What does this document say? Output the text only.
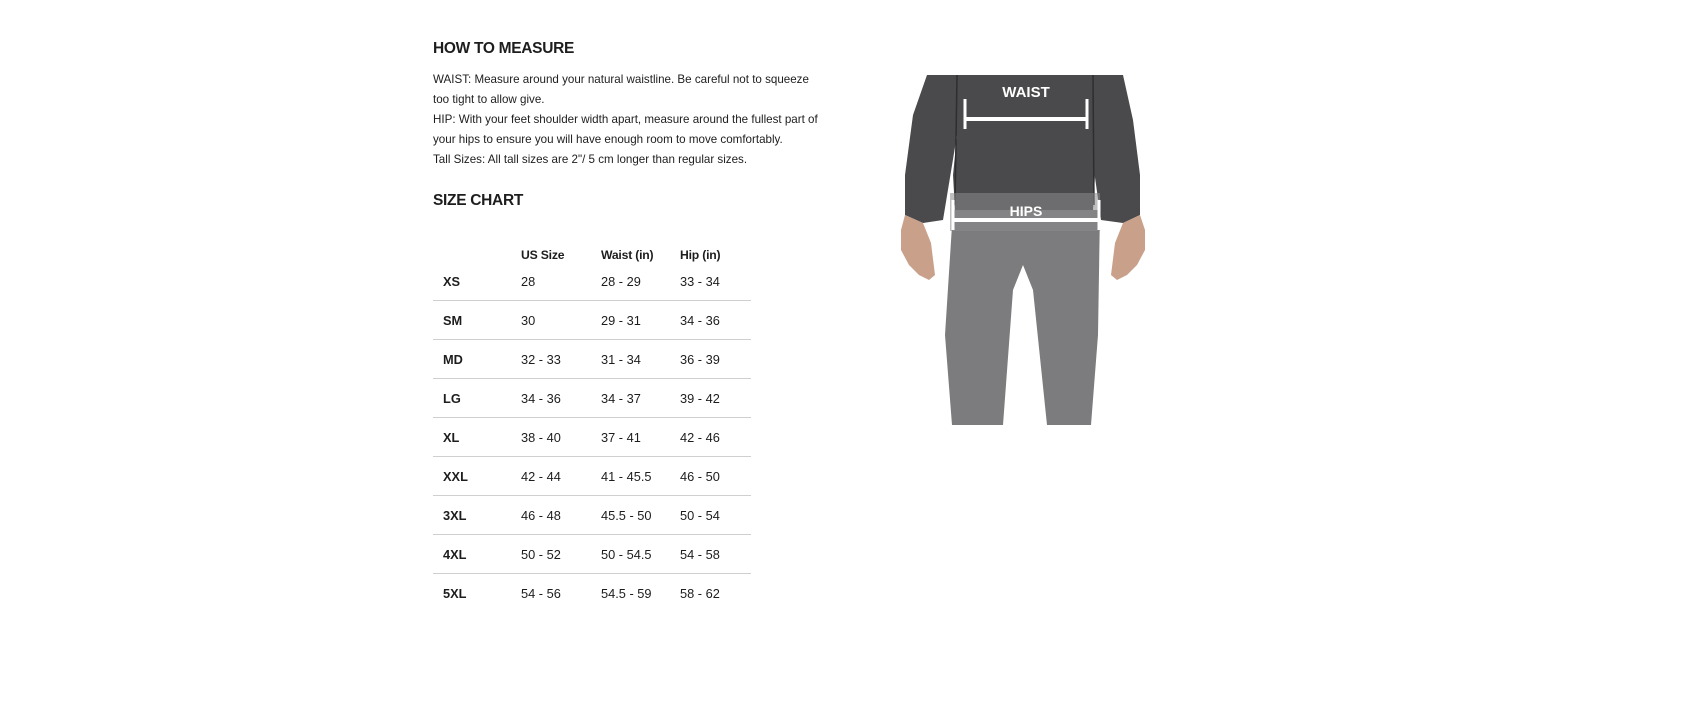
HOW TO MEASURE

WAIST: Measure around your natural waistline. Be careful not to squeeze too tight to allow give.

HIP: With your feet shoulder width apart, measure around the fullest part of your hips to ensure you will have enough room to move comfortably.

Tall Sizes: All tall sizes are 2"/ 5 cm longer than regular sizes.

SIZE CHART
	US Size	Waist (in)	Hip (in)
XS	28	28 - 29	33 - 34
SM	30	29 - 31	34 - 36
MD	32 - 33	31 - 34	36 - 39
LG	34 - 36	34 - 37	39 - 42
XL	38 - 40	37 - 41	42 - 46
XXL	42 - 44	41 - 45.5	46 - 50
3XL	46 - 48	45.5 - 50	50 - 54
4XL	50 - 52	50 - 54.5	54 - 58
5XL	54 - 56	54.5 - 59	58 - 62
WAIST
HIPS
